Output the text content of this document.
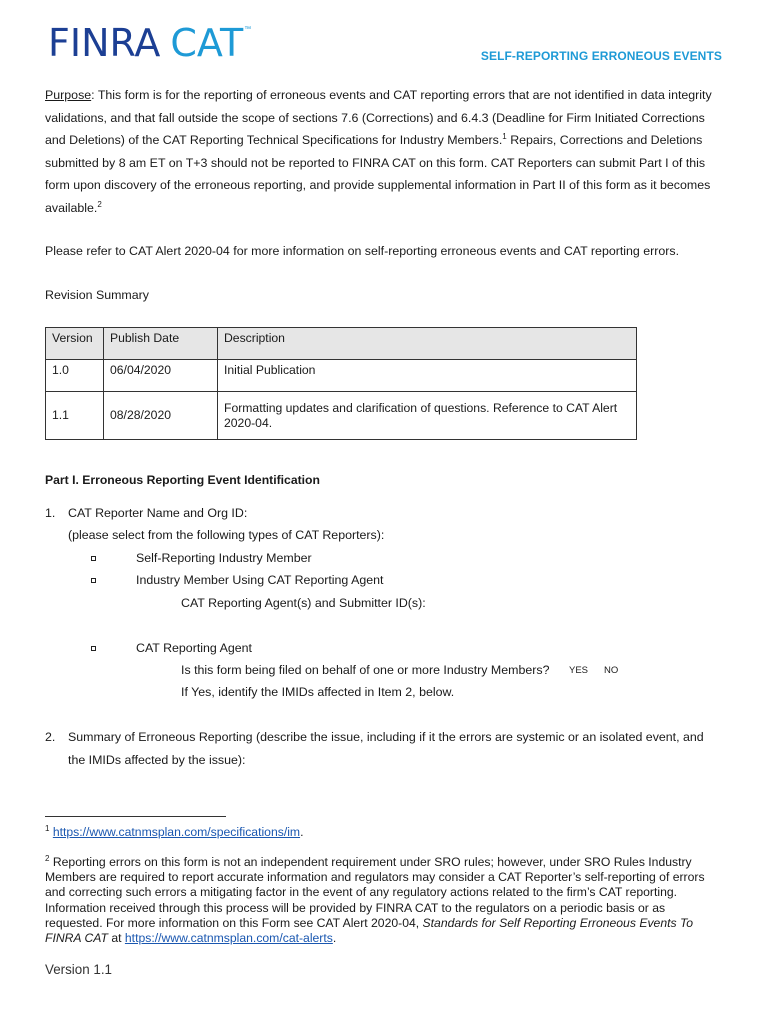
FINRA CAT ™
SELF-REPORTING ERRONEOUS EVENTS
Purpose: This form is for the reporting of erroneous events and CAT reporting errors that are not identified in data integrity validations, and that fall outside the scope of sections 7.6 (Corrections) and 6.4.3 (Deadline for Firm Initiated Corrections and Deletions) of the CAT Reporting Technical Specifications for Industry Members.$^1$ Repairs, Corrections and Deletions submitted by 8 am ET on T+3 should not be reported to FINRA CAT on this form. CAT Reporters can submit Part I of this form upon discovery of the erroneous reporting, and provide supplemental information in Part II of this form as it becomes available.$^2$
Please refer to CAT Alert 2020-04 for more information on self-reporting erroneous events and CAT reporting errors.
Revision Summary
Version	Publish Date	Description
1.0	06/04/2020	Initial Publication
1.1	08/28/2020	Formatting updates and clarification of questions. Reference to CAT Alert 2020-04.
Part I. Erroneous Reporting Event Identification
1. CAT Reporter Name and Org ID:
(please select from the following types of CAT Reporters):
Self-Reporting Industry Member
Industry Member Using CAT Reporting Agent
CAT Reporting Agent(s) and Submitter ID(s):
CAT Reporting Agent
Is this form being filed on behalf of one or more Industry Members? YES NO
If Yes, identify the IMIDs affected in Item 2, below.
2. Summary of Erroneous Reporting (describe the issue, including if it the errors are systemic or an isolated event, and
the IMIDs affected by the issue):
$^1$ https://www.catnmsplan.com/specifications/im.
$^2$ Reporting errors on this form is not an independent requirement under SRO rules; however, under SRO Rules Industry Members are required to report accurate information and regulators may consider a CAT Reporter’s self-reporting of errors and correcting such errors a mitigating factor in the event of any regulatory actions related to the firm’s CAT reporting. Information received through this process will be provided by FINRA CAT to the regulators on a periodic basis or as requested. For more information on this Form see CAT Alert 2020-04, Standards for Self Reporting Erroneous Events To FINRA CAT at https://www.catnmsplan.com/cat-alerts.
Version 1.1
